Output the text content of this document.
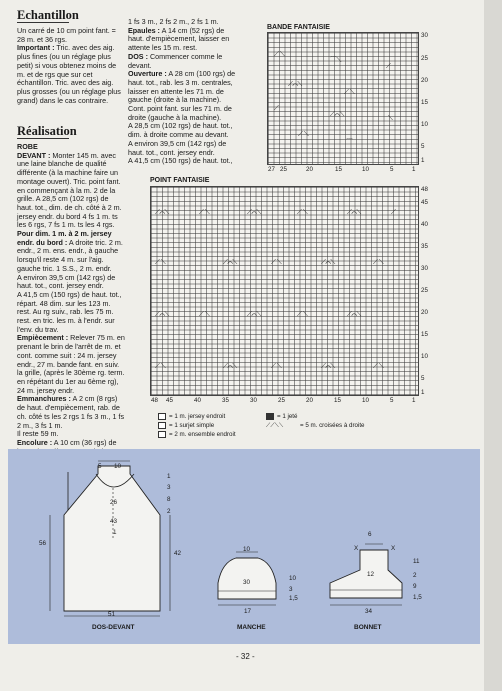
Echantillon

Un carré de 10 cm point fant. = 28 m. et 36 rgs.

Important : Tric. avec des aig. plus fines (ou un réglage plus petit) si vous obtenez moins de m. et de rgs que sur cet échantillon. Tric. avec des aig. plus grosses (ou un réglage plus grand) dans le cas contraire.

Réalisation

ROBE

DEVANT : Monter 145 m. avec une laine blanche de qualité différente (à la machine faire un montage ouvert). Tric. point fant. en commençant à la m. 2 de la grille. A 28,5 cm (102 rgs) de haut. tot., dim. de ch. côté à 2 m. jersey endr. du bord 4 fs 1 m. ts les 6 rgs, 7 fs 1 m. ts les 4 rgs.

Pour dim. 1 m. à 2 m. jersey endr. du bord : A droite tric. 2 m. endr., 2 m. ens. endr., à gauche lorsqu'il reste 4 m. sur l'aig. gauche tric. 1 S.S., 2 m. endr.

A environ 39,5 cm (142 rgs) de haut. tot., cont. jersey endr.

A 41,5 cm (150 rgs) de haut. tot., répart. 48 dim. sur les 123 m. rest. Au rg suiv., rab. les 75 m. rest. en tric. les m. à l'endr. sur l'env. du trav.

Empiècement : Relever 75 m. en prenant le brin de l'arrêt de m. et cont. comme suit : 24 m. jersey endr., 27 m. bande fant. en suiv. la grille, (après le 30ème rg. term. en répétant du 1er au 6ème rg), 24 m. jersey endr.

Emmanchures : A 2 cm (8 rgs) de haut. d'empiècement, rab. de ch. côté ts les 2 rgs 1 fs 3 m., 1 fs 2 m., 3 fs 1 m.

Il reste 59 m.

Encolure : A 10 cm (36 rgs) de

1 fs 3 m., 2 fs 2 m., 2 fs 1 m.

Epaules : A 14 cm (52 rgs) de haut. d'empiècement, laisser en attente les 15 m. rest.

DOS : Commencer comme le devant.

Ouverture : A 28 cm (100 rgs) de haut. tot., rab. les 3 m. centrales, laisser en attente les 71 m. de gauche (droite à la machine). Cont. point fant. sur les 71 m. de droite (gauche à la machine).

A 28,5 cm (102 rgs) de haut. tot., dim. à droite comme au devant.

A environ 39,5 cm (142 rgs) de haut. tot., cont. jersey endr.

A 41,5 cm (150 rgs) de haut. tot.,

BANDE FANTAISIE
⟋ ⟍
⌒⟍
⟋
⟋⌒⟍
⟋ ⟍
⟋
⟋⌒⟍
⟍
⟋ ⟍
⌒
30
25
20
15
10
5
1
27 25	20	15	10	5	1
POINT FANTAISIE
⟋⌒⟍	⟋ ⟍	⟋⌒⟍	⟋ ⟍	⟋⌒⟍	⟋
⟋ ⟍	⟋⌒⟍	⟋ ⟍	⟋⌒⟍	⟋ ⟍
⟋⌒⟍	⟋ ⟍	⟋⌒⟍	⟋ ⟍	⟋⌒⟍
⟋ ⟍	⟋⌒⟍	⟋ ⟍	⟋⌒⟍	⟋ ⟍
48
45
40
35
30
25
20
15
10
5
1
48 45	40	35	30	25	20	15	10	5	1
= 1 m. jersey endroit
= 1 surjet simple
= 2 m. ensemble endroit
= 1 jeté
⟋⟋⟍⟍	= 5 m. croisées à droite
5 10
1
3
8
2
26
43
1
56
42
51
DOS-DEVANT
10
30
10
3
1,5
17
MANCHE
6
X	X
12
11
2
9
1,5
34
BONNET
- 32 -
